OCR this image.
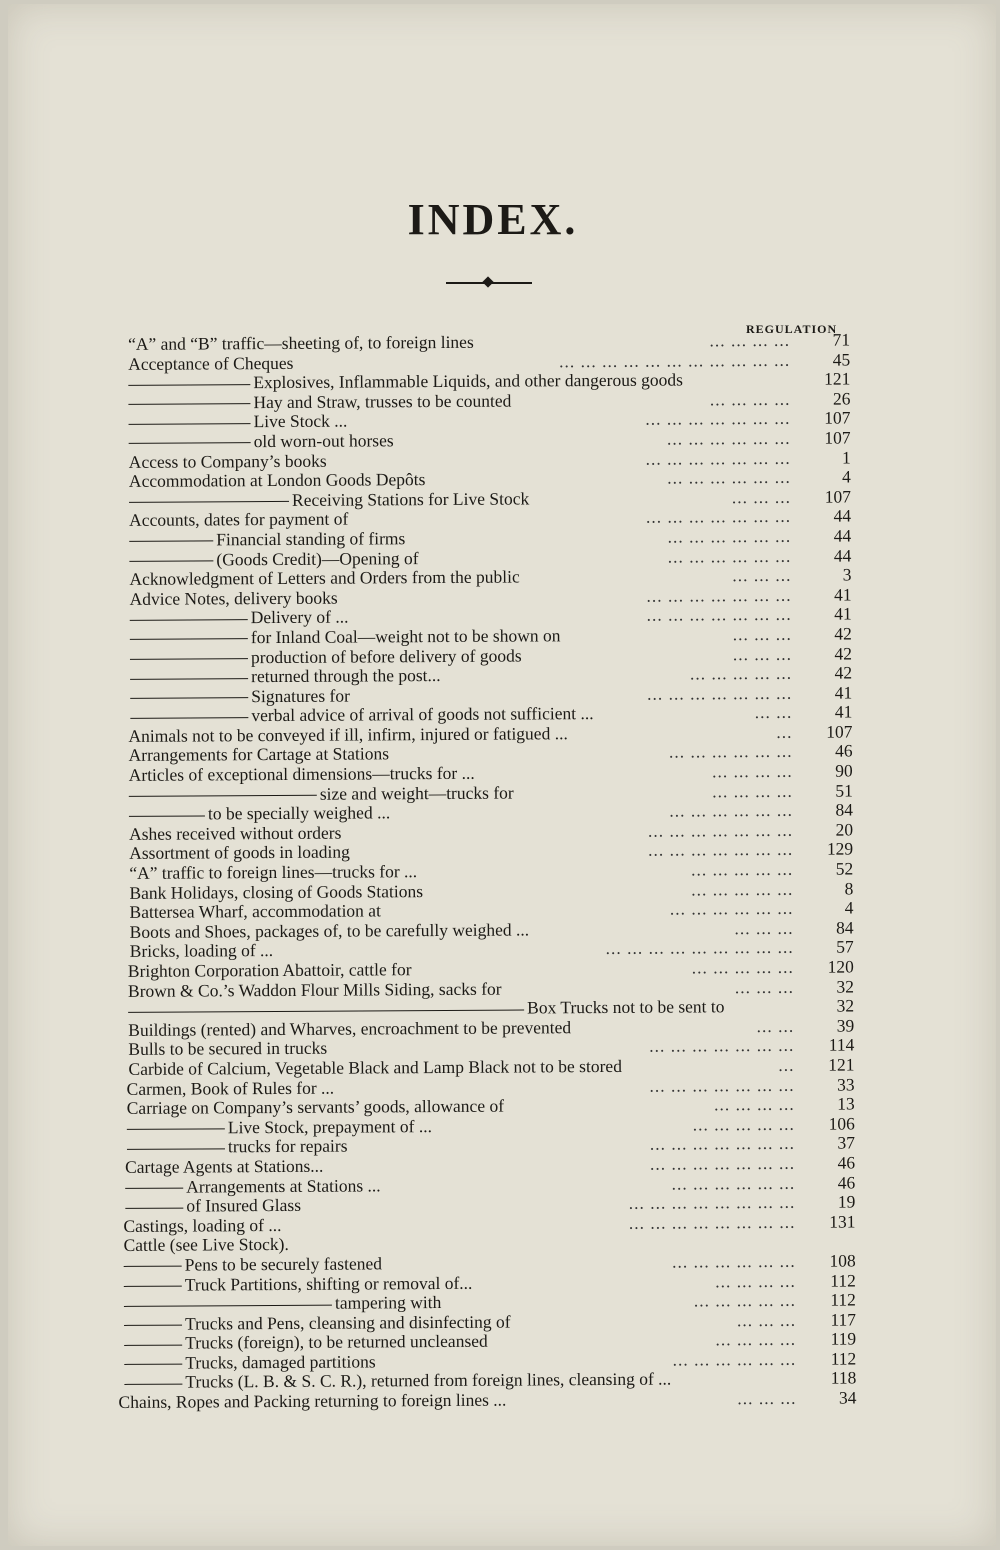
INDEX.
REGULATION
“A” and “B” traffic—sheeting of, to foreign lines	... ... ... ...	71
Acceptance of Cheques	... ... ... ... ... ... ... ... ... ... ...	45
Explosives, Inflammable Liquids, and other dangerous goods	121
Hay and Straw, trusses to be counted	... ... ... ...	26
Live Stock ...	... ... ... ... ... ... ...	107
old worn-out horses	... ... ... ... ... ...	107
Access to Company’s books	... ... ... ... ... ... ...	1
Accommodation at London Goods Depôts	... ... ... ... ... ...	4
Receiving Stations for Live Stock	... ... ...	107
Accounts, dates for payment of	... ... ... ... ... ... ...	44
Financial standing of firms	... ... ... ... ... ...	44
(Goods Credit)—Opening of	... ... ... ... ... ...	44
Acknowledgment of Letters and Orders from the public	... ... ...	3
Advice Notes, delivery books	... ... ... ... ... ... ...	41
Delivery of ...	... ... ... ... ... ... ...	41
for Inland Coal—weight not to be shown on	... ... ...	42
production of before delivery of goods	... ... ...	42
returned through the post...	... ... ... ... ...	42
Signatures for	... ... ... ... ... ... ...	41
verbal advice of arrival of goods not sufficient ...	... ...	41
Animals not to be conveyed if ill, infirm, injured or fatigued ...	...	107
Arrangements for Cartage at Stations	... ... ... ... ... ...	46
Articles of exceptional dimensions—trucks for ...	... ... ... ...	90
size and weight—trucks for	... ... ... ...	51
to be specially weighed ...	... ... ... ... ... ...	84
Ashes received without orders	... ... ... ... ... ... ...	20
Assortment of goods in loading	... ... ... ... ... ... ...	129
“A” traffic to foreign lines—trucks for ...	... ... ... ... ...	52
Bank Holidays, closing of Goods Stations	... ... ... ... ...	8
Battersea Wharf, accommodation at	... ... ... ... ... ...	4
Boots and Shoes, packages of, to be carefully weighed ...	... ... ...	84
Bricks, loading of ...	... ... ... ... ... ... ... ... ...	57
Brighton Corporation Abattoir, cattle for	... ... ... ... ...	120
Brown & Co.’s Waddon Flour Mills Siding, sacks for	... ... ...	32
Box Trucks not to be sent to	32
Buildings (rented) and Wharves, encroachment to be prevented	... ...	39
Bulls to be secured in trucks	... ... ... ... ... ... ...	114
Carbide of Calcium, Vegetable Black and Lamp Black not to be stored	...	121
Carmen, Book of Rules for ...	... ... ... ... ... ... ...	33
Carriage on Company’s servants’ goods, allowance of	... ... ... ...	13
Live Stock, prepayment of ...	... ... ... ... ...	106
trucks for repairs	... ... ... ... ... ... ...	37
Cartage Agents at Stations...	... ... ... ... ... ... ...	46
Arrangements at Stations ...	... ... ... ... ... ...	46
of Insured Glass	... ... ... ... ... ... ... ...	19
Castings, loading of ...	... ... ... ... ... ... ... ...	131
Cattle (see Live Stock).
Pens to be securely fastened	... ... ... ... ... ...	108
Truck Partitions, shifting or removal of...	... ... ... ...	112
tampering with	... ... ... ... ...	112
Trucks and Pens, cleansing and disinfecting of	... ... ...	117
Trucks (foreign), to be returned uncleansed	... ... ... ...	119
Trucks, damaged partitions	... ... ... ... ... ...	112
Trucks (L. B. & S. C. R.), returned from foreign lines, cleansing of ...	118
Chains, Ropes and Packing returning to foreign lines ...	... ... ...	34
